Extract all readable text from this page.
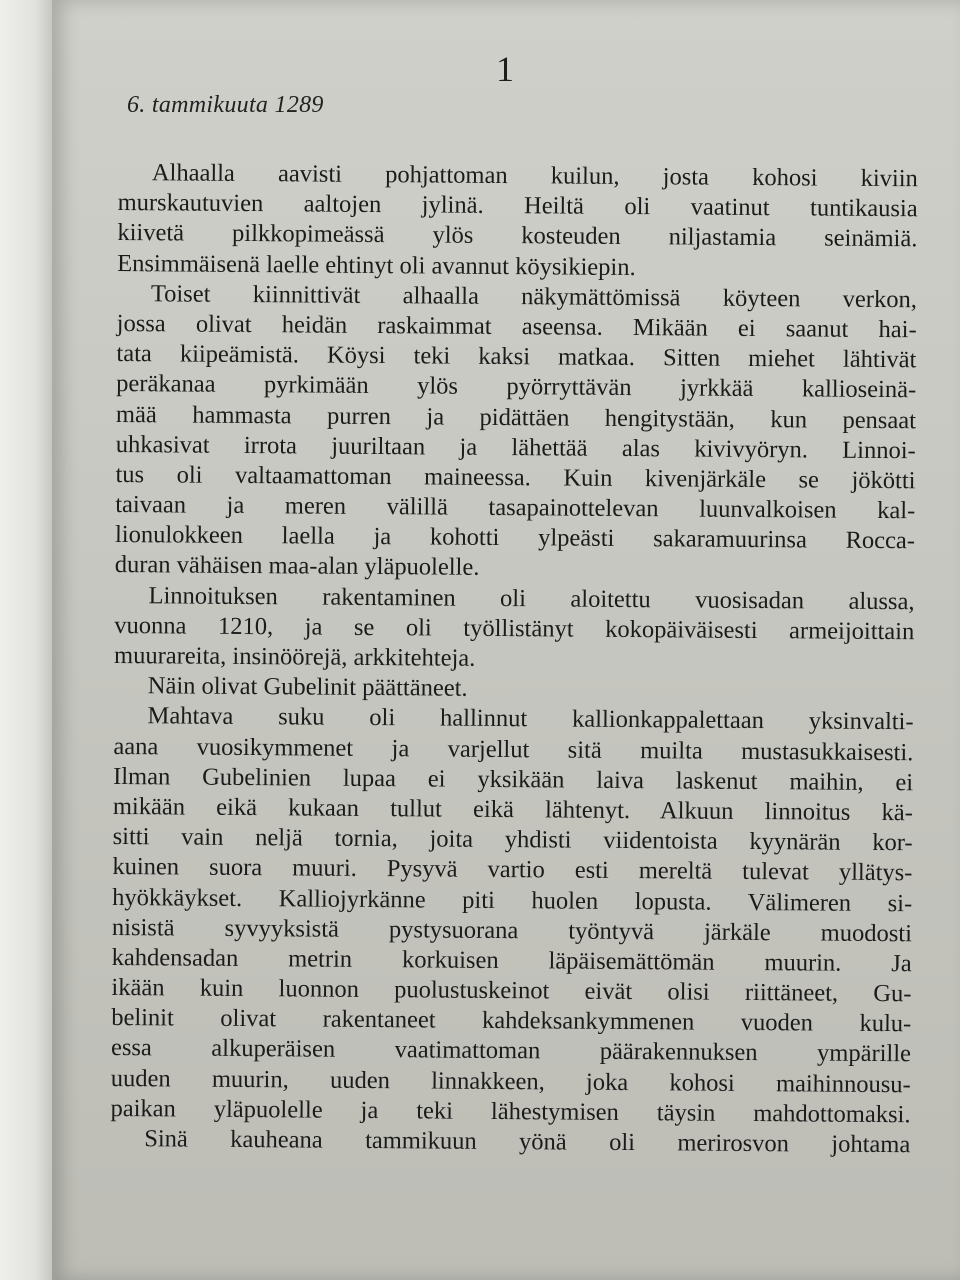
1
6. tammikuuta 1289
Alhaalla aavisti pohjattoman kuilun, josta kohosi kiviin
murskautuvien aaltojen jylinä. Heiltä oli vaatinut tuntikausia
kiivetä pilkkopimeässä ylös kosteuden niljastamia seinämiä.
Ensimmäisenä laelle ehtinyt oli avannut köysikiepin.
Toiset kiinnittivät alhaalla näkymättömissä köyteen verkon,
jossa olivat heidän raskaimmat aseensa. Mikään ei saanut hai-
tata kiipeämistä. Köysi teki kaksi matkaa. Sitten miehet lähtivät
peräkanaa pyrkimään ylös pyörryttävän jyrkkää kallioseinä-
mää hammasta purren ja pidättäen hengitystään, kun pensaat
uhkasivat irrota juuriltaan ja lähettää alas kivivyöryn. Linnoi-
tus oli valtaamattoman maineessa. Kuin kivenjärkäle se jökötti
taivaan ja meren välillä tasapainottelevan luunvalkoisen kal-
lionulokkeen laella ja kohotti ylpeästi sakaramuurinsa Rocca-
duran vähäisen maa-alan yläpuolelle.
Linnoituksen rakentaminen oli aloitettu vuosisadan alussa,
vuonna 1210, ja se oli työllistänyt kokopäiväisesti armeijoittain
muurareita, insinöörejä, arkkitehteja.
Näin olivat Gubelinit päättäneet.
Mahtava suku oli hallinnut kallionkappalettaan yksinvalti-
aana vuosikymmenet ja varjellut sitä muilta mustasukkaisesti.
Ilman Gubelinien lupaa ei yksikään laiva laskenut maihin, ei
mikään eikä kukaan tullut eikä lähtenyt. Alkuun linnoitus kä-
sitti vain neljä tornia, joita yhdisti viidentoista kyynärän kor-
kuinen suora muuri. Pysyvä vartio esti mereltä tulevat yllätys-
hyökkäykset. Kalliojyrkänne piti huolen lopusta. Välimeren si-
nisistä syvyyksistä pystysuorana työntyvä järkäle muodosti
kahdensadan metrin korkuisen läpäisemättömän muurin. Ja
ikään kuin luonnon puolustuskeinot eivät olisi riittäneet, Gu-
belinit olivat rakentaneet kahdeksankymmenen vuoden kulu-
essa alkuperäisen vaatimattoman päärakennuksen ympärille
uuden muurin, uuden linnakkeen, joka kohosi maihinnousu-
paikan yläpuolelle ja teki lähestymisen täysin mahdottomaksi.
Sinä kauheana tammikuun yönä oli merirosvon johtama
